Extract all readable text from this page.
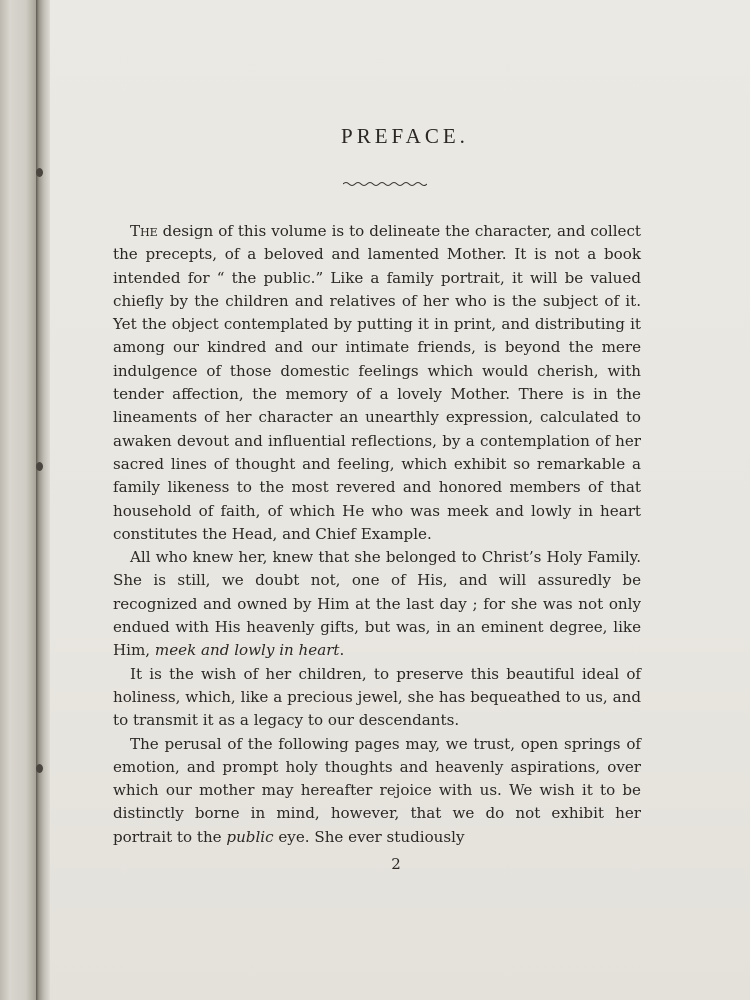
PREFACE.

The design of this volume is to delineate the character, and collect the precepts, of a beloved and lamented Mother. It is not a book intended for “ the public.” Like a family portrait, it will be valued chiefly by the children and relatives of her who is the subject of it. Yet the object contemplated by putting it in print, and distributing it among our kindred and our intimate friends, is beyond the mere indulgence of those domestic feelings which would cherish, with tender affection, the memory of a lovely Mother. There is in the lineaments of her character an unearthly expression, calculated to awaken devout and influential reflections, by a contemplation of her sacred lines of thought and feeling, which exhibit so remarkable a family likeness to the most revered and honored members of that household of faith, of which He who was meek and lowly in heart constitutes the Head, and Chief Example.

All who knew her, knew that she belonged to Christ’s Holy Family. She is still, we doubt not, one of His, and will assuredly be recognized and owned by Him at the last day ; for she was not only endued with His heavenly gifts, but was, in an eminent degree, like Him, meek and lowly in heart.

It is the wish of her children, to preserve this beautiful ideal of holiness, which, like a precious jewel, she has bequeathed to us, and to transmit it as a legacy to our descendants.

The perusal of the following pages may, we trust, open springs of emotion, and prompt holy thoughts and heavenly aspirations, over which our mother may hereafter rejoice with us. We wish it to be distinctly borne in mind, however, that we do not exhibit her portrait to the public eye. She ever studiously

2
